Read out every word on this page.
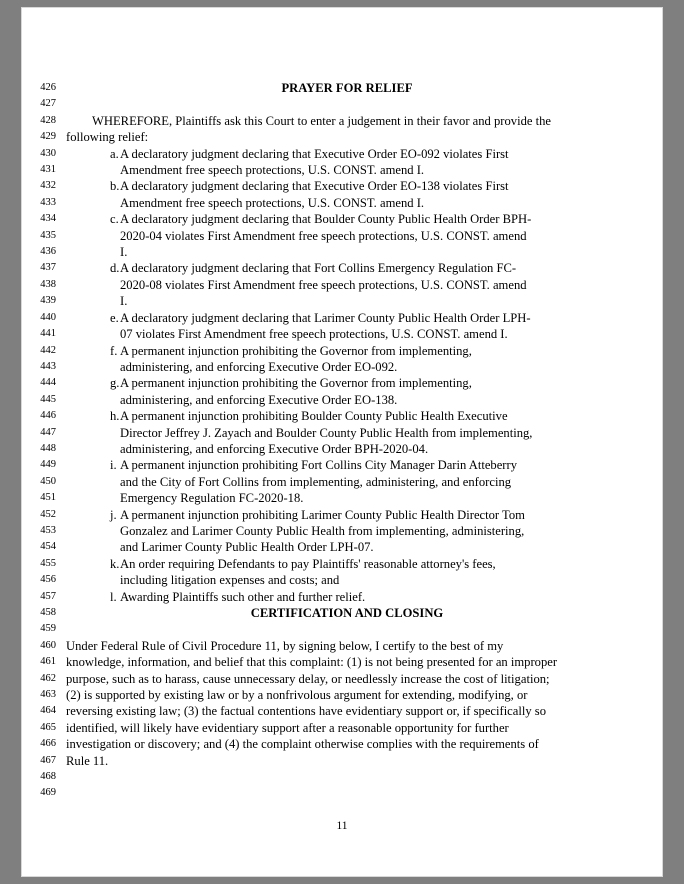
426	PRAYER FOR RELIEF
427
428	WHEREFORE, Plaintiffs ask this Court to enter a judgement in their favor and provide the
429 following relief:
430	a. A declaratory judgment declaring that Executive Order EO-092 violates First
431	Amendment free speech protections, U.S. CONST. amend I.
432	b. A declaratory judgment declaring that Executive Order EO-138 violates First
433	Amendment free speech protections, U.S. CONST. amend I.
434	c. A declaratory judgment declaring that Boulder County Public Health Order BPH-
435	2020-04 violates First Amendment free speech protections, U.S. CONST. amend
436	I.
437	d. A declaratory judgment declaring that Fort Collins Emergency Regulation FC-
438	2020-08 violates First Amendment free speech protections, U.S. CONST. amend
439	I.
440	e. A declaratory judgment declaring that Larimer County Public Health Order LPH-
441	07 violates First Amendment free speech protections, U.S. CONST. amend I.
442	f. A permanent injunction prohibiting the Governor from implementing,
443	administering, and enforcing Executive Order EO-092.
444	g. A permanent injunction prohibiting the Governor from implementing,
445	administering, and enforcing Executive Order EO-138.
446	h. A permanent injunction prohibiting Boulder County Public Health Executive
447	Director Jeffrey J. Zayach and Boulder County Public Health from implementing,
448	administering, and enforcing Executive Order BPH-2020-04.
449	i. A permanent injunction prohibiting Fort Collins City Manager Darin Atteberry
450	and the City of Fort Collins from implementing, administering, and enforcing
451	Emergency Regulation FC-2020-18.
452	j. A permanent injunction prohibiting Larimer County Public Health Director Tom
453	Gonzalez and Larimer County Public Health from implementing, administering,
454	and Larimer County Public Health Order LPH-07.
455	k. An order requiring Defendants to pay Plaintiffs' reasonable attorney's fees,
456	including litigation expenses and costs; and
457	l. Awarding Plaintiffs such other and further relief.
458	CERTIFICATION AND CLOSING
459
460 Under Federal Rule of Civil Procedure 11, by signing below, I certify to the best of my
461 knowledge, information, and belief that this complaint: (1) is not being presented for an improper
462 purpose, such as to harass, cause unnecessary delay, or needlessly increase the cost of litigation;
463 (2) is supported by existing law or by a nonfrivolous argument for extending, modifying, or
464 reversing existing law; (3) the factual contentions have evidentiary support or, if specifically so
465 identified, will likely have evidentiary support after a reasonable opportunity for further
466 investigation or discovery; and (4) the complaint otherwise complies with the requirements of
467 Rule 11.
468
469
11
